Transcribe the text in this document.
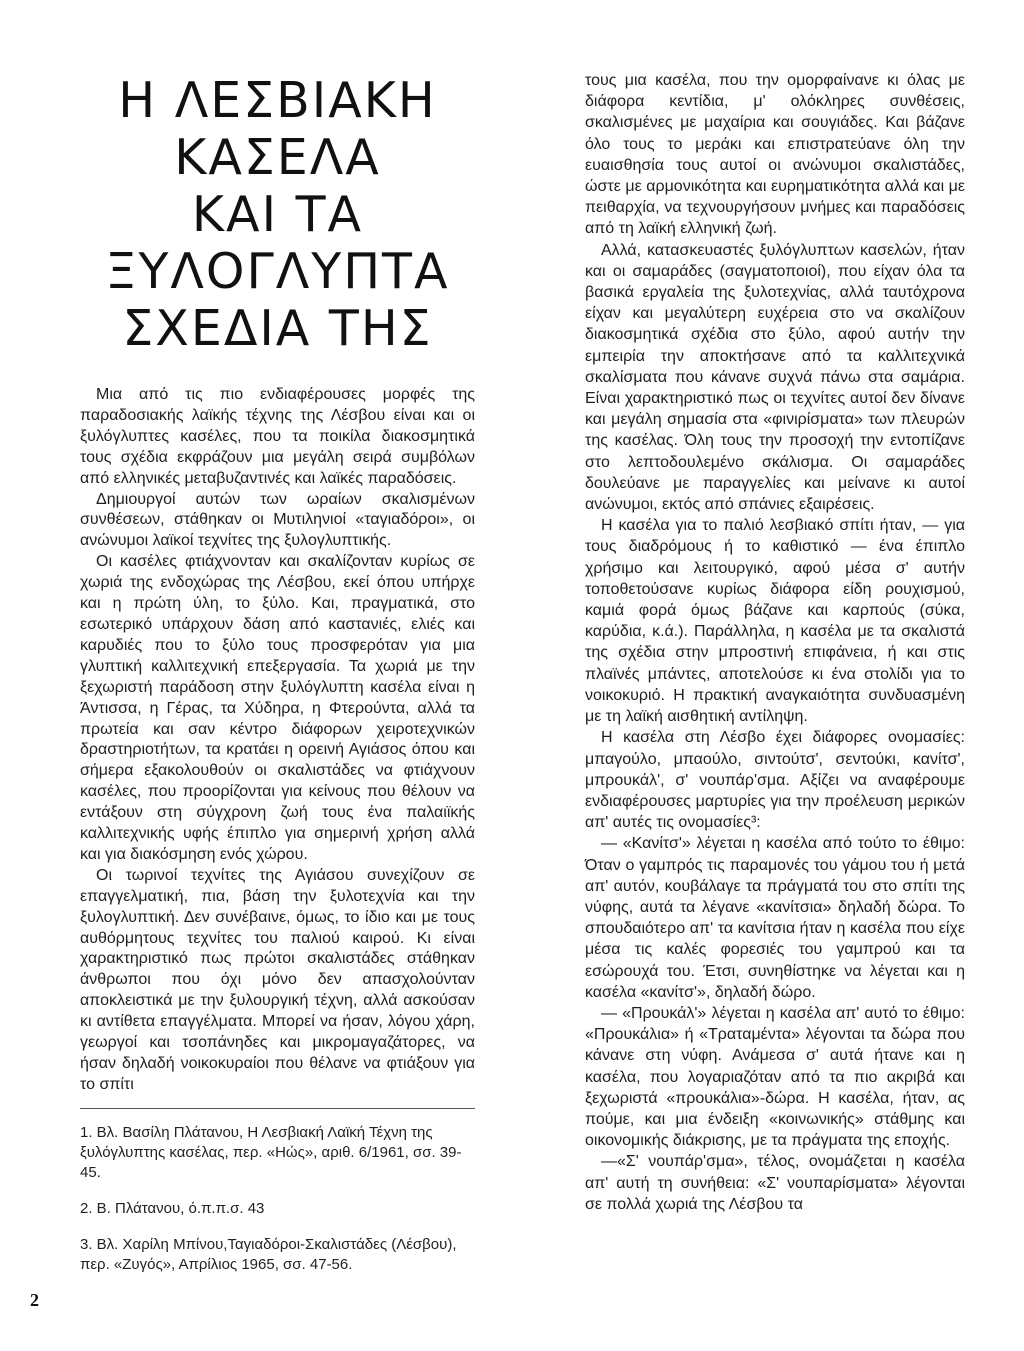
Η ΛΕΣΒΙΑΚΗ
ΚΑΣΕΛΑ
ΚΑΙ ΤΑ
ΞΥΛΟΓΛΥΠΤΑ
ΣΧΕΔΙΑ ΤΗΣ

Μια από τις πιο ενδιαφέρουσες μορφές της παραδοσιακής λαϊκής τέχνης της Λέσβου είναι και οι ξυλόγλυπτες κασέλες, που τα ποικίλα διακοσμητικά τους σχέδια εκφράζουν μια μεγάλη σειρά συμβόλων από ελληνικές μεταβυζαντινές και λαϊκές παραδόσεις.

Δημιουργοί αυτών των ωραίων σκαλισμένων συνθέσεων, στάθηκαν οι Μυτιληνιοί «ταγιαδόροι», οι ανώνυμοι λαϊκοί τεχνίτες της ξυλογλυπτικής.

Οι κασέλες φτιάχνονταν και σκαλίζονταν κυρίως σε χωριά της ενδοχώρας της Λέσβου, εκεί όπου υπήρχε και η πρώτη ύλη, το ξύλο. Και, πραγματικά, στο εσωτερικό υπάρχουν δάση από καστανιές, ελιές και καρυδιές που το ξύλο τους προσφερόταν για μια γλυπτική καλλιτεχνική επεξεργασία. Τα χωριά με την ξεχωριστή παράδοση στην ξυλόγλυπτη κασέλα είναι η Άντισσα, η Γέρας, τα Χύδηρα, η Φτερούντα, αλλά τα πρωτεία και σαν κέντρο διάφορων χειροτεχνικών δραστηριοτήτων, τα κρατάει η ορεινή Αγιάσος όπου και σήμερα εξακολουθούν οι σκαλιστάδες να φτιάχνουν κασέλες, που προορίζονται για κείνους που θέλουν να εντάξουν στη σύγχρονη ζωή τους ένα παλαιϊκής καλλιτεχνικής υφής έπιπλο για σημερινή χρήση αλλά και για διακόσμηση ενός χώρου.

Οι τωρινοί τεχνίτες της Αγιάσου συνεχίζουν σε επαγγελματική, πια, βάση την ξυλοτεχνία και την ξυλογλυπτική. Δεν συνέβαινε, όμως, το ίδιο και με τους αυθόρμητους τεχνίτες του παλιού καιρού. Κι είναι χαρακτηριστικό πως πρώτοι σκαλιστάδες στάθηκαν άνθρωποι που όχι μόνο δεν απασχολούνταν αποκλειστικά με την ξυλουργική τέχνη, αλλά ασκούσαν κι αντίθετα επαγγέλματα. Μπορεί να ήσαν, λόγου χάρη, γεωργοί και τσοπάνηδες και μικρομαγαζάτορες, να ήσαν δηλαδή νοικοκυραίοι που θέλανε να φτιάξουν για το σπίτι

1. Βλ. Βασίλη Πλάτανου, Η Λεσβιακή Λαϊκή Τέχνη της ξυλόγλυπτης κασέλας, περ. «Ηώς», αριθ. 6/1961, σσ. 39-45.

2. Β. Πλάτανου, ό.π.π.σ. 43

3. Βλ. Χαρίλη Μπίνου,Ταγιαδόροι-Σκαλιστάδες (Λέσβου), περ. «Ζυγός», Απρίλιος 1965, σσ. 47-56.

τους μια κασέλα, που την ομορφαίνανε κι όλας με διάφορα κεντίδια, μ' ολόκληρες συνθέσεις, σκαλισμένες με μαχαίρια και σουγιάδες. Και βάζανε όλο τους το μεράκι και επιστρατεύανε όλη την ευαισθησία τους αυτοί οι ανώνυμοι σκαλιστάδες, ώστε με αρμονικότητα και ευρηματικότητα αλλά και με πειθαρχία, να τεχνουργήσουν μνήμες και παραδόσεις από τη λαϊκή ελληνική ζωή.

Αλλά, κατασκευαστές ξυλόγλυπτων κασελών, ήταν και οι σαμαράδες (σαγματοποιοί), που είχαν όλα τα βασικά εργαλεία της ξυλοτεχνίας, αλλά ταυτόχρονα είχαν και μεγαλύτερη ευχέρεια στο να σκαλίζουν διακοσμητικά σχέδια στο ξύλο, αφού αυτήν την εμπειρία την αποκτήσανε από τα καλλιτεχνικά σκαλίσματα που κάνανε συχνά πάνω στα σαμάρια. Είναι χαρακτηριστικό πως οι τεχνίτες αυτοί δεν δίνανε και μεγάλη σημασία στα «φινιρίσματα» των πλευρών της κασέλας. Όλη τους την προσοχή την εντοπίζανε στο λεπτοδουλεμένο σκάλισμα. Οι σαμαράδες δουλεύανε με παραγγελίες και μείνανε κι αυτοί ανώνυμοι, εκτός από σπάνιες εξαιρέσεις.

Η κασέλα για το παλιό λεσβιακό σπίτι ήταν, — για τους διαδρόμους ή το καθιστικό — ένα έπιπλο χρήσιμο και λειτουργικό, αφού μέσα σ' αυτήν τοποθετούσανε κυρίως διάφορα είδη ρουχισμού, καμιά φορά όμως βάζανε και καρπούς (σύκα, καρύδια, κ.ά.). Παράλληλα, η κασέλα με τα σκαλιστά της σχέδια στην μπροστινή επιφάνεια, ή και στις πλαϊνές μπάντες, αποτελούσε κι ένα στολίδι για το νοικοκυριό. Η πρακτική αναγκαιότητα συνδυασμένη με τη λαϊκή αισθητική αντίληψη.

Η κασέλα στη Λέσβο έχει διάφορες ονομασίες: μπαγούλο, μπαούλο, σιντούτσ', σεντούκι, κανίτσ', μπρουκάλ', σ' νουπάρ'σμα. Αξίζει να αναφέρουμε ενδιαφέρουσες μαρτυρίες για την προέλευση μερικών απ' αυτές τις ονομασίες³:

— «Κανίτσ'» λέγεται η κασέλα από τούτο το έθιμο: Όταν ο γαμπρός τις παραμονές του γάμου του ή μετά απ' αυτόν, κουβάλαγε τα πράγματά του στο σπίτι της νύφης, αυτά τα λέγανε «κανίτσια» δηλαδή δώρα. Το σπουδαιότερο απ' τα κανίτσια ήταν η κασέλα που είχε μέσα τις καλές φορεσιές του γαμπρού και τα εσώρουχά του. Έτσι, συνηθίστηκε να λέγεται και η κασέλα «κανίτσ'», δηλαδή δώρο.

— «Προυκάλ'» λέγεται η κασέλα απ' αυτό το έθιμο: «Προυκάλια» ή «Τραταμέντα» λέγονται τα δώρα που κάνανε στη νύφη. Ανάμεσα σ' αυτά ήτανε και η κασέλα, που λογαριαζόταν από τα πιο ακριβά και ξεχωριστά «προυκάλια»-δώρα. Η κασέλα, ήταν, ας πούμε, και μια ένδειξη «κοινωνικής» στάθμης και οικονομικής διάκρισης, με τα πράγματα της εποχής.

—«Σ' νουπάρ'σμα», τέλος, ονομάζεται η κασέλα απ' αυτή τη συνήθεια: «Σ' νουπαρίσματα» λέγονται σε πολλά χωριά της Λέσβου τα

2
